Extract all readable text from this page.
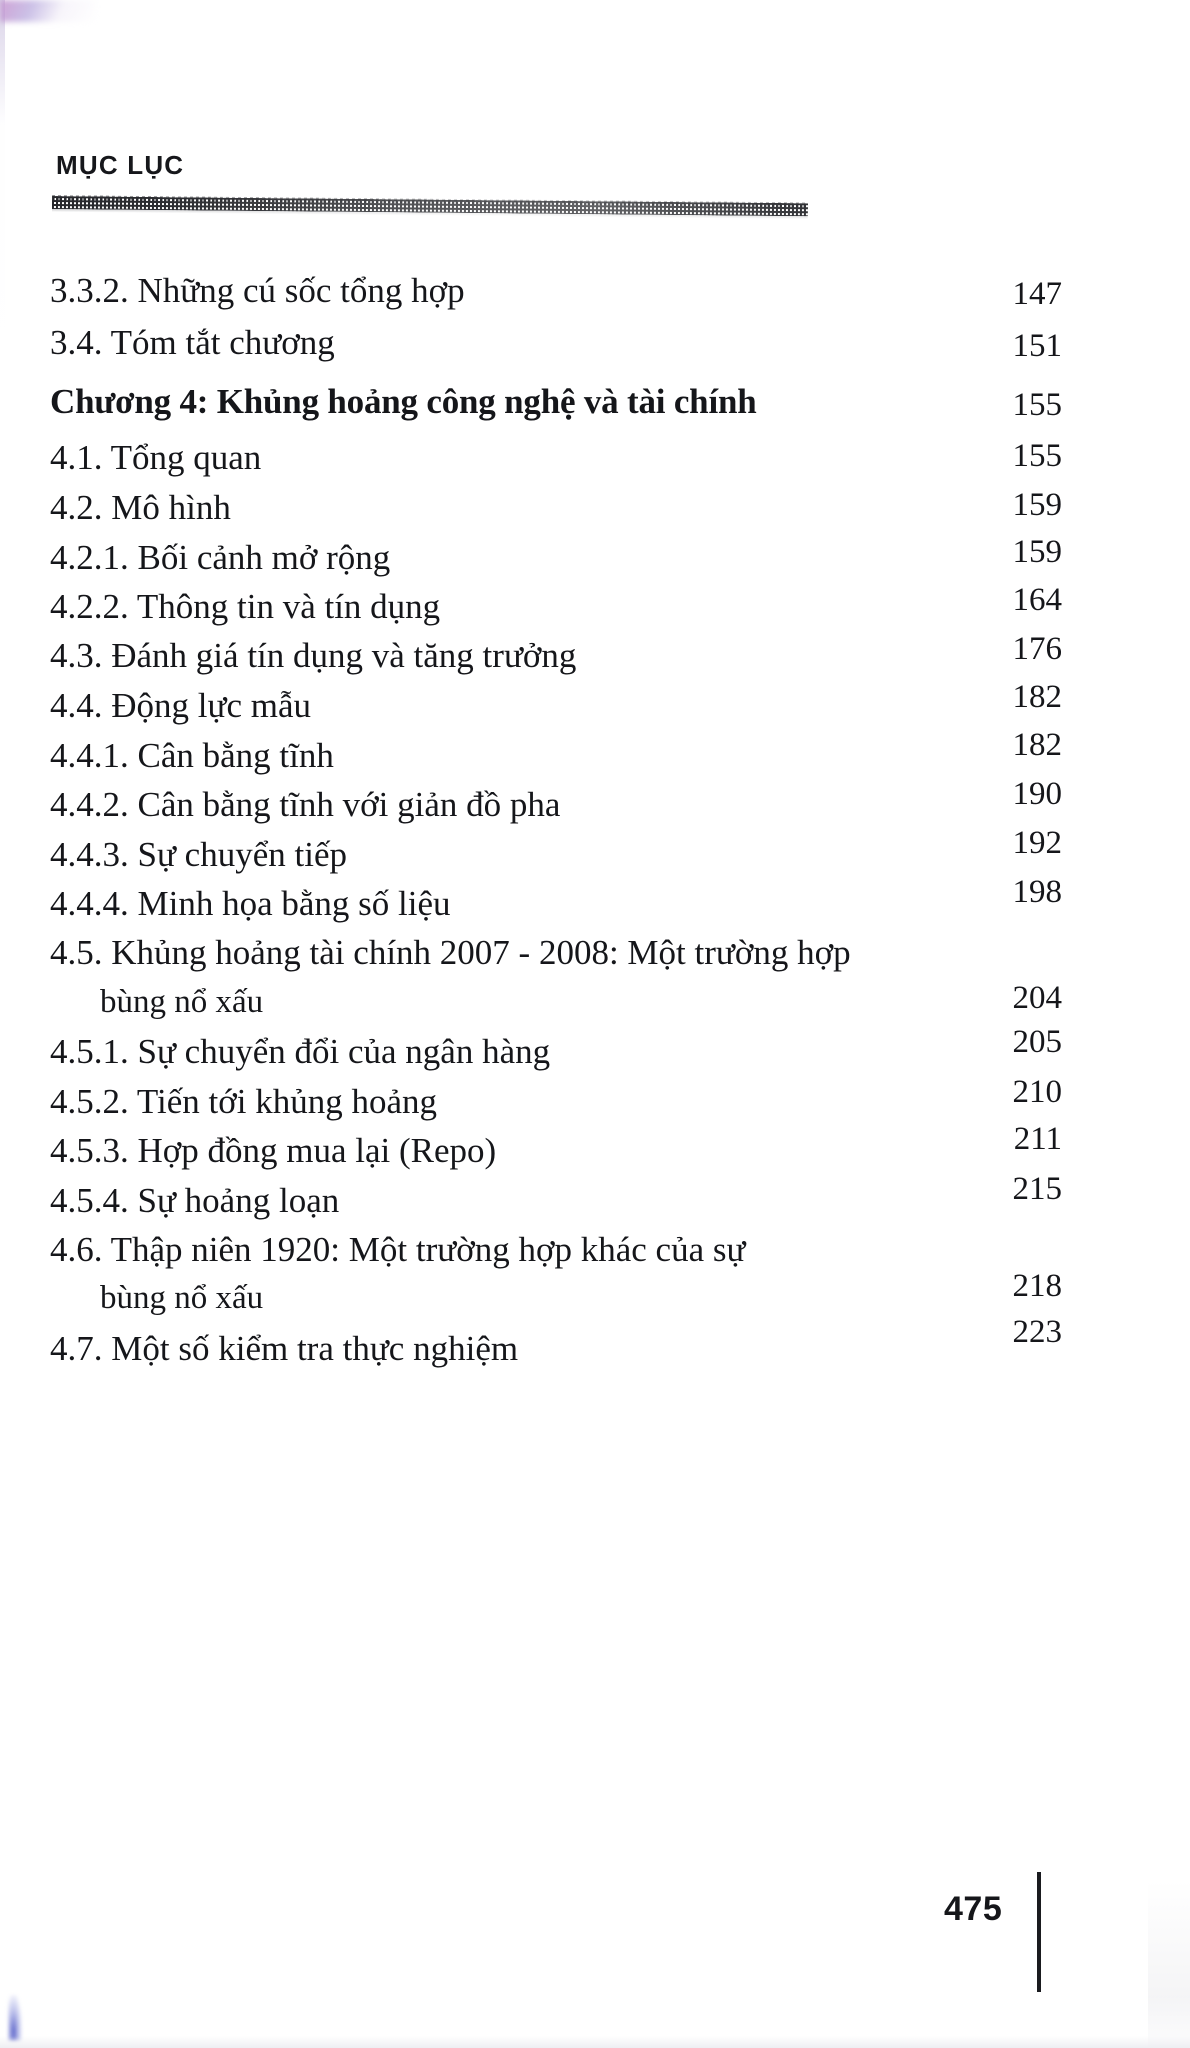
MỤC LỤC
3.3.2. Những cú sốc tổng hợp	147
3.4. Tóm tắt chương	151
Chương 4: Khủng hoảng công nghệ và tài chính	155
4.1. Tổng quan	155
4.2. Mô hình	159
4.2.1. Bối cảnh mở rộng	159
4.2.2. Thông tin và tín dụng	164
4.3. Đánh giá tín dụng và tăng trưởng	176
4.4. Động lực mẫu	182
4.4.1. Cân bằng tĩnh	182
4.4.2. Cân bằng tĩnh với giản đồ pha	190
4.4.3. Sự chuyển tiếp	192
4.4.4. Minh họa bằng số liệu	198
4.5. Khủng hoảng tài chính 2007 - 2008: Một trường hợp
bùng nổ xấu	204
4.5.1. Sự chuyển đổi của ngân hàng	205
4.5.2. Tiến tới khủng hoảng	210
4.5.3. Hợp đồng mua lại (Repo)	211
4.5.4. Sự hoảng loạn	215
4.6. Thập niên 1920: Một trường hợp khác của sự
bùng nổ xấu	218
4.7. Một số kiểm tra thực nghiệm	223
475
